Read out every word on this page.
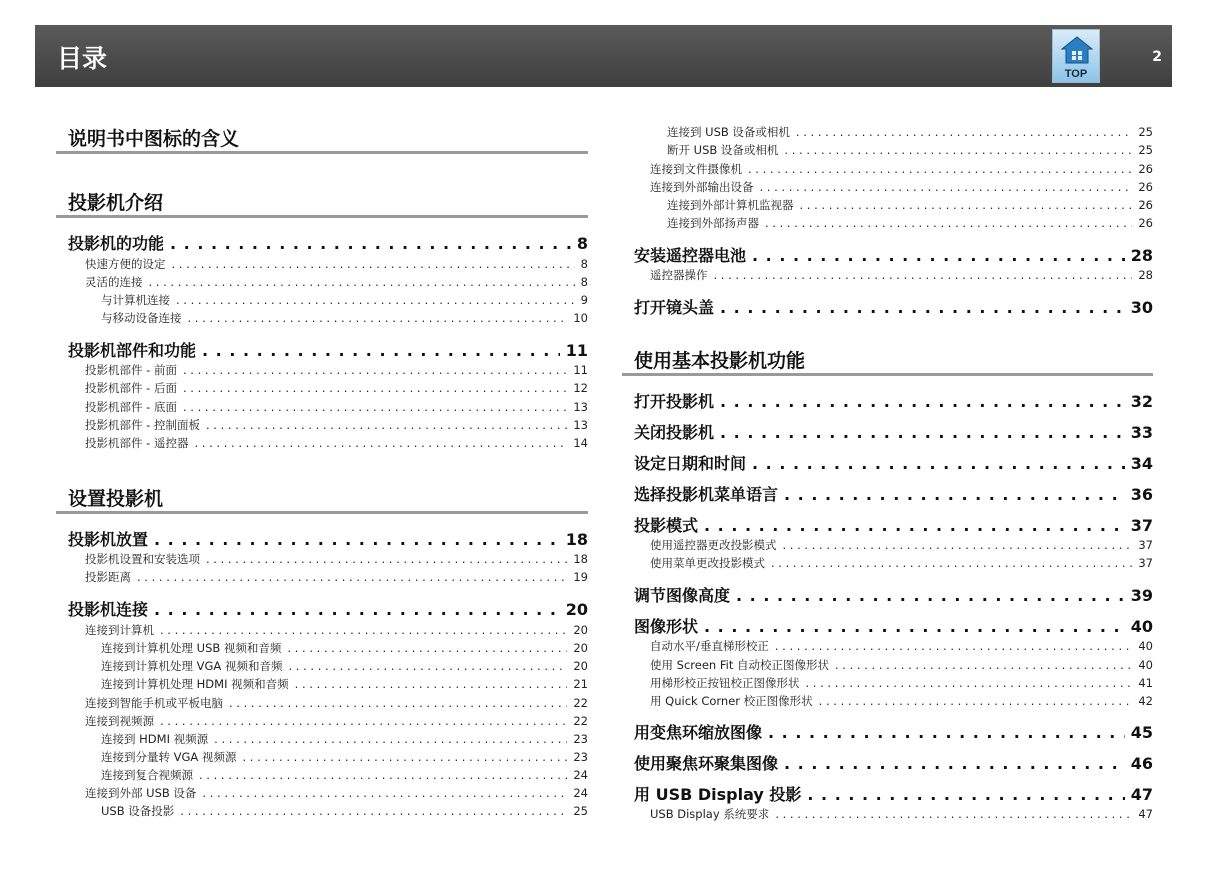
目录
TOP
2
说明书中图标的含义
投影机介绍
投影机的功能 . . .	8
快速方便的设定 . . .	8
灵活的连接 . . .	8
与计算机连接 . . .	9
与移动设备连接 . . .	10
投影机部件和功能 . . .	11
投影机部件 - 前面 . . .	11
投影机部件 - 后面 . . .	12
投影机部件 - 底面 . . .	13
投影机部件 - 控制面板 . . .	13
投影机部件 - 遥控器 . . .	14
设置投影机
投影机放置 . . .	18
投影机设置和安装选项 . . .	18
投影距离 . . .	19
投影机连接 . . .	20
连接到计算机 . . .	20
连接到计算机处理 USB 视频和音频 . . .	20
连接到计算机处理 VGA 视频和音频 . . .	20
连接到计算机处理 HDMI 视频和音频 . . .	21
连接到智能手机或平板电脑 . . .	22
连接到视频源 . . .	22
连接到 HDMI 视频源 . . .	23
连接到分量转 VGA 视频源 . . .	23
连接到复合视频源 . . .	24
连接到外部 USB 设备 . . .	24
USB 设备投影 . . .	25
连接到 USB 设备或相机 . . .	25
断开 USB 设备或相机 . . .	25
连接到文件摄像机 . . .	26
连接到外部输出设备 . . .	26
连接到外部计算机监视器 . . .	26
连接到外部扬声器 . . .	26
安装遥控器电池 . . .	28
遥控器操作 . . .	28
打开镜头盖 . . .	30
使用基本投影机功能
打开投影机 . . .	32
关闭投影机 . . .	33
设定日期和时间 . . .	34
选择投影机菜单语言 . . .	36
投影模式 . . .	37
使用遥控器更改投影模式 . . .	37
使用菜单更改投影模式 . . .	37
调节图像高度 . . .	39
图像形状 . . .	40
自动水平/垂直梯形校正 . . .	40
使用 Screen Fit 自动校正图像形状 . . .	40
用梯形校正按钮校正图像形状 . . .	41
用 Quick Corner 校正图像形状 . . .	42
用变焦环缩放图像 . . .	45
使用聚焦环聚集图像 . . .	46
用 USB Display 投影 . . .	47
USB Display 系统要求 . . .	47
